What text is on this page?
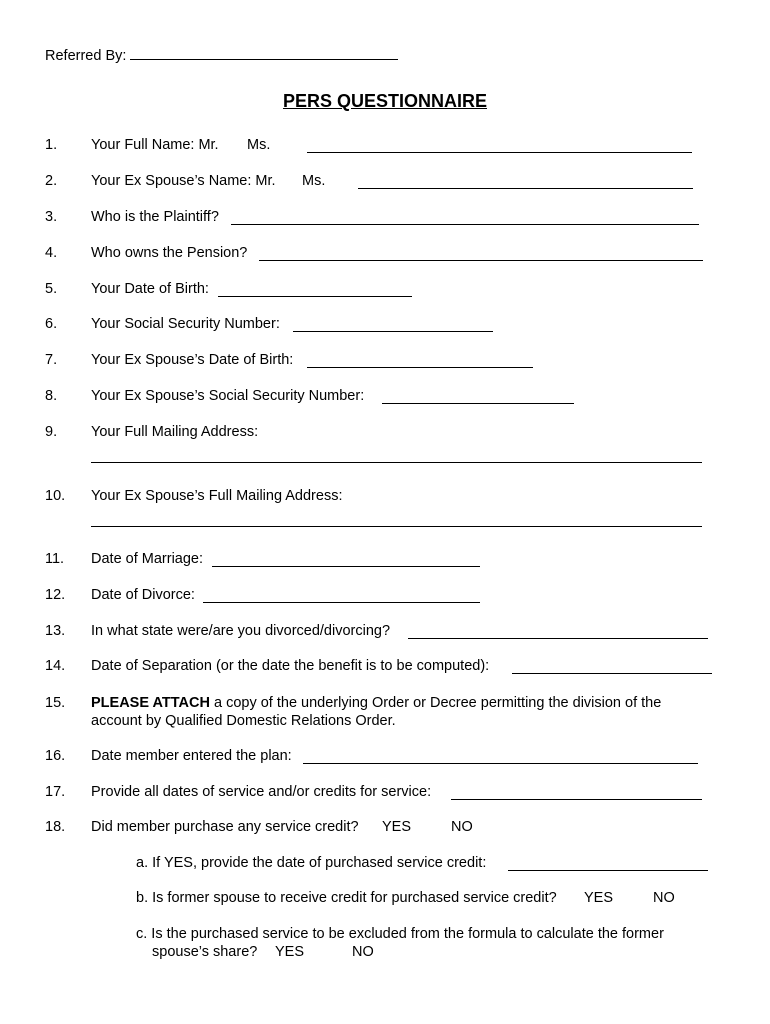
Referred By:
PERS QUESTIONNAIRE
1. Your Full Name: Mr. Ms.
2. Your Ex Spouse’s Name: Mr. Ms.
3. Who is the Plaintiff?
4. Who owns the Pension?
5. Your Date of Birth:
6. Your Social Security Number:
7. Your Ex Spouse’s Date of Birth:
8. Your Ex Spouse’s Social Security Number:
9. Your Full Mailing Address:
10. Your Ex Spouse’s Full Mailing Address:
11. Date of Marriage:
12. Date of Divorce:
13. In what state were/are you divorced/divorcing?
14. Date of Separation (or the date the benefit is to be computed):
15. PLEASE ATTACH a copy of the underlying Order or Decree permitting the division of the
account by Qualified Domestic Relations Order.
16. Date member entered the plan:
17. Provide all dates of service and/or credits for service:
18. Did member purchase any service credit? YES	NO
a. If YES, provide the date of purchased service credit:
b. Is former spouse to receive credit for purchased service credit? YES	NO
c. Is the purchased service to be excluded from the formula to calculate the former
spouse’s share? YES	NO
